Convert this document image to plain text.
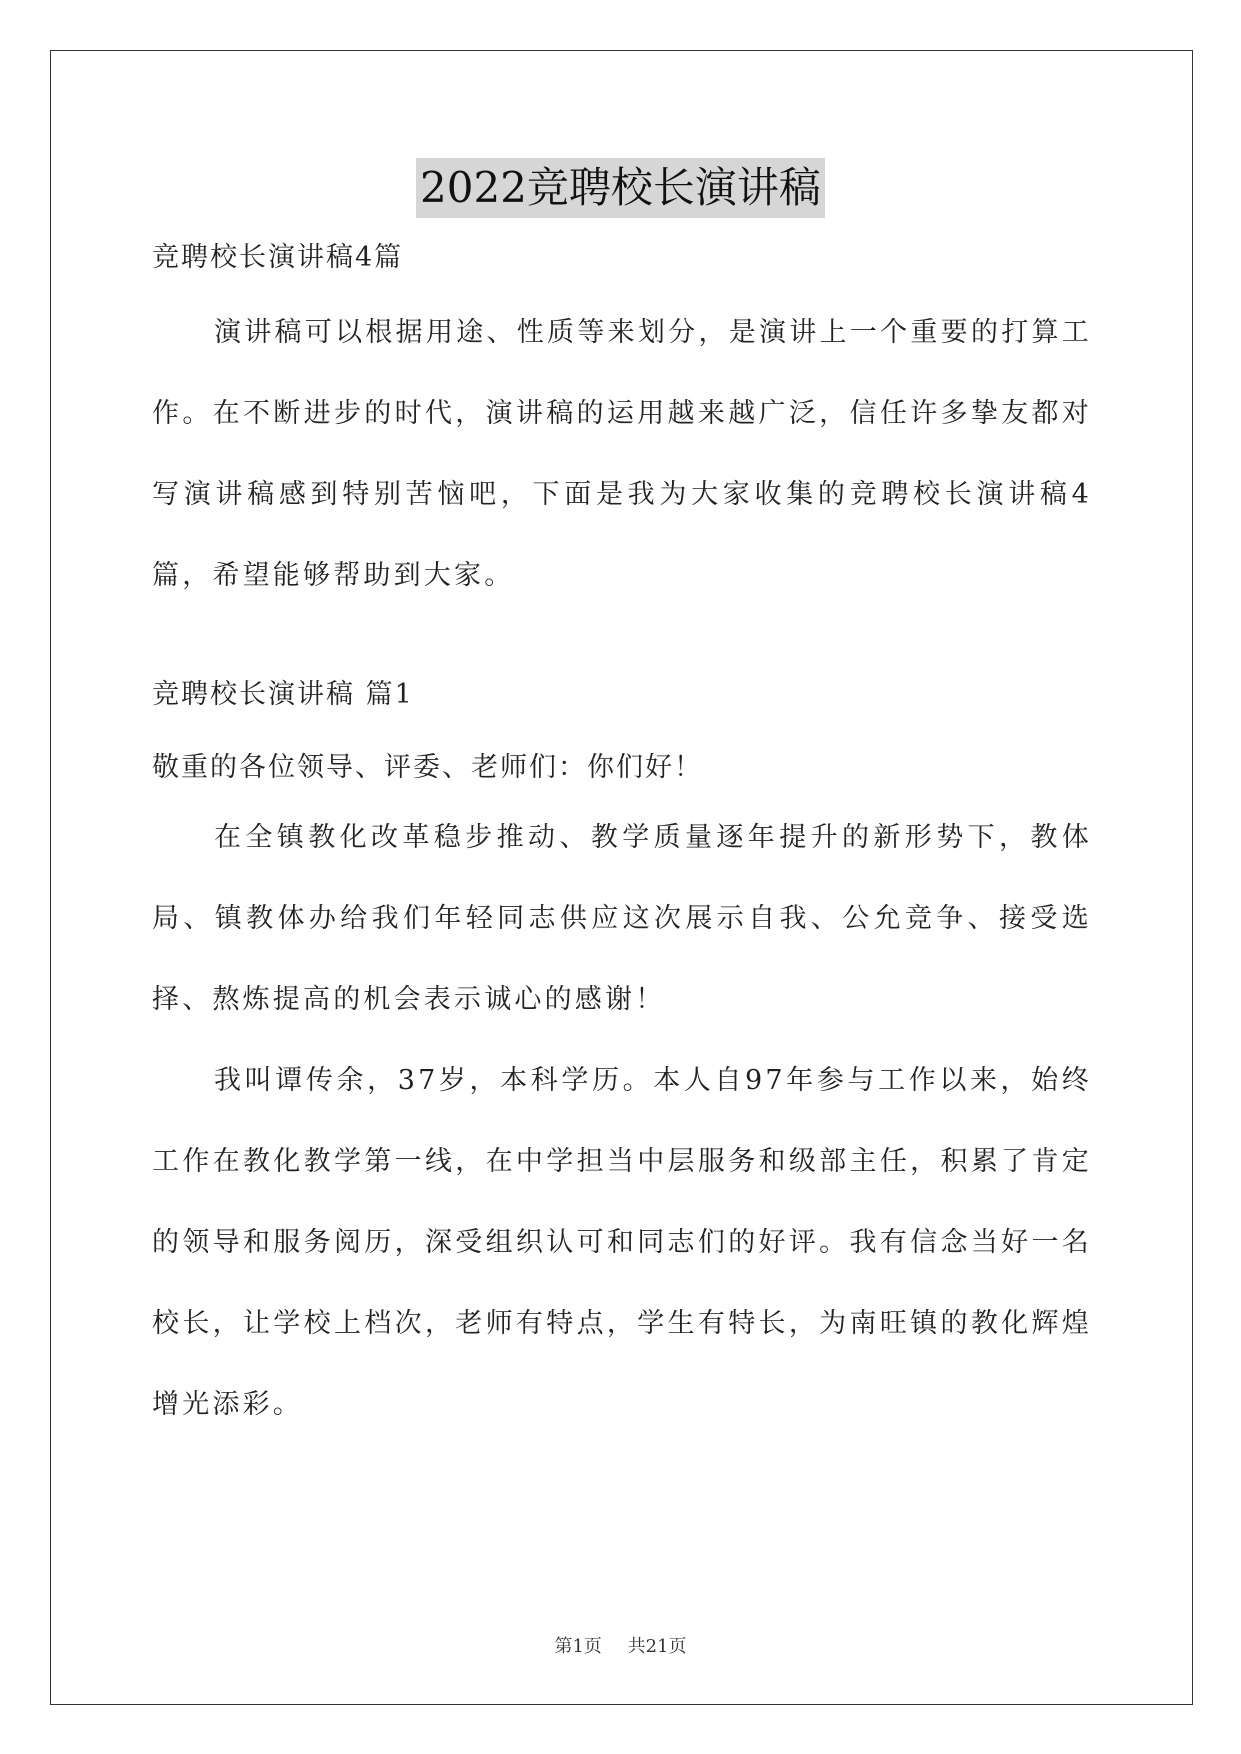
2022竞聘校长演讲稿
竞聘校长演讲稿4篇
演讲稿可以根据用途、性质等来划分，是演讲上一个重要的打算工作。在不断进步的时代，演讲稿的运用越来越广泛，信任许多挚友都对写演讲稿感到特别苦恼吧，下面是我为大家收集的竞聘校长演讲稿4篇，希望能够帮助到大家。
竞聘校长演讲稿 篇1
敬重的各位领导、评委、老师们：你们好！
在全镇教化改革稳步推动、教学质量逐年提升的新形势下，教体局、镇教体办给我们年轻同志供应这次展示自我、公允竞争、接受选择、熬炼提高的机会表示诚心的感谢！
我叫谭传余，37岁，本科学历。本人自97年参与工作以来，始终工作在教化教学第一线，在中学担当中层服务和级部主任，积累了肯定的领导和服务阅历，深受组织认可和同志们的好评。我有信念当好一名校长，让学校上档次，老师有特点，学生有特长，为南旺镇的教化辉煌增光添彩。
第1页 共21页
